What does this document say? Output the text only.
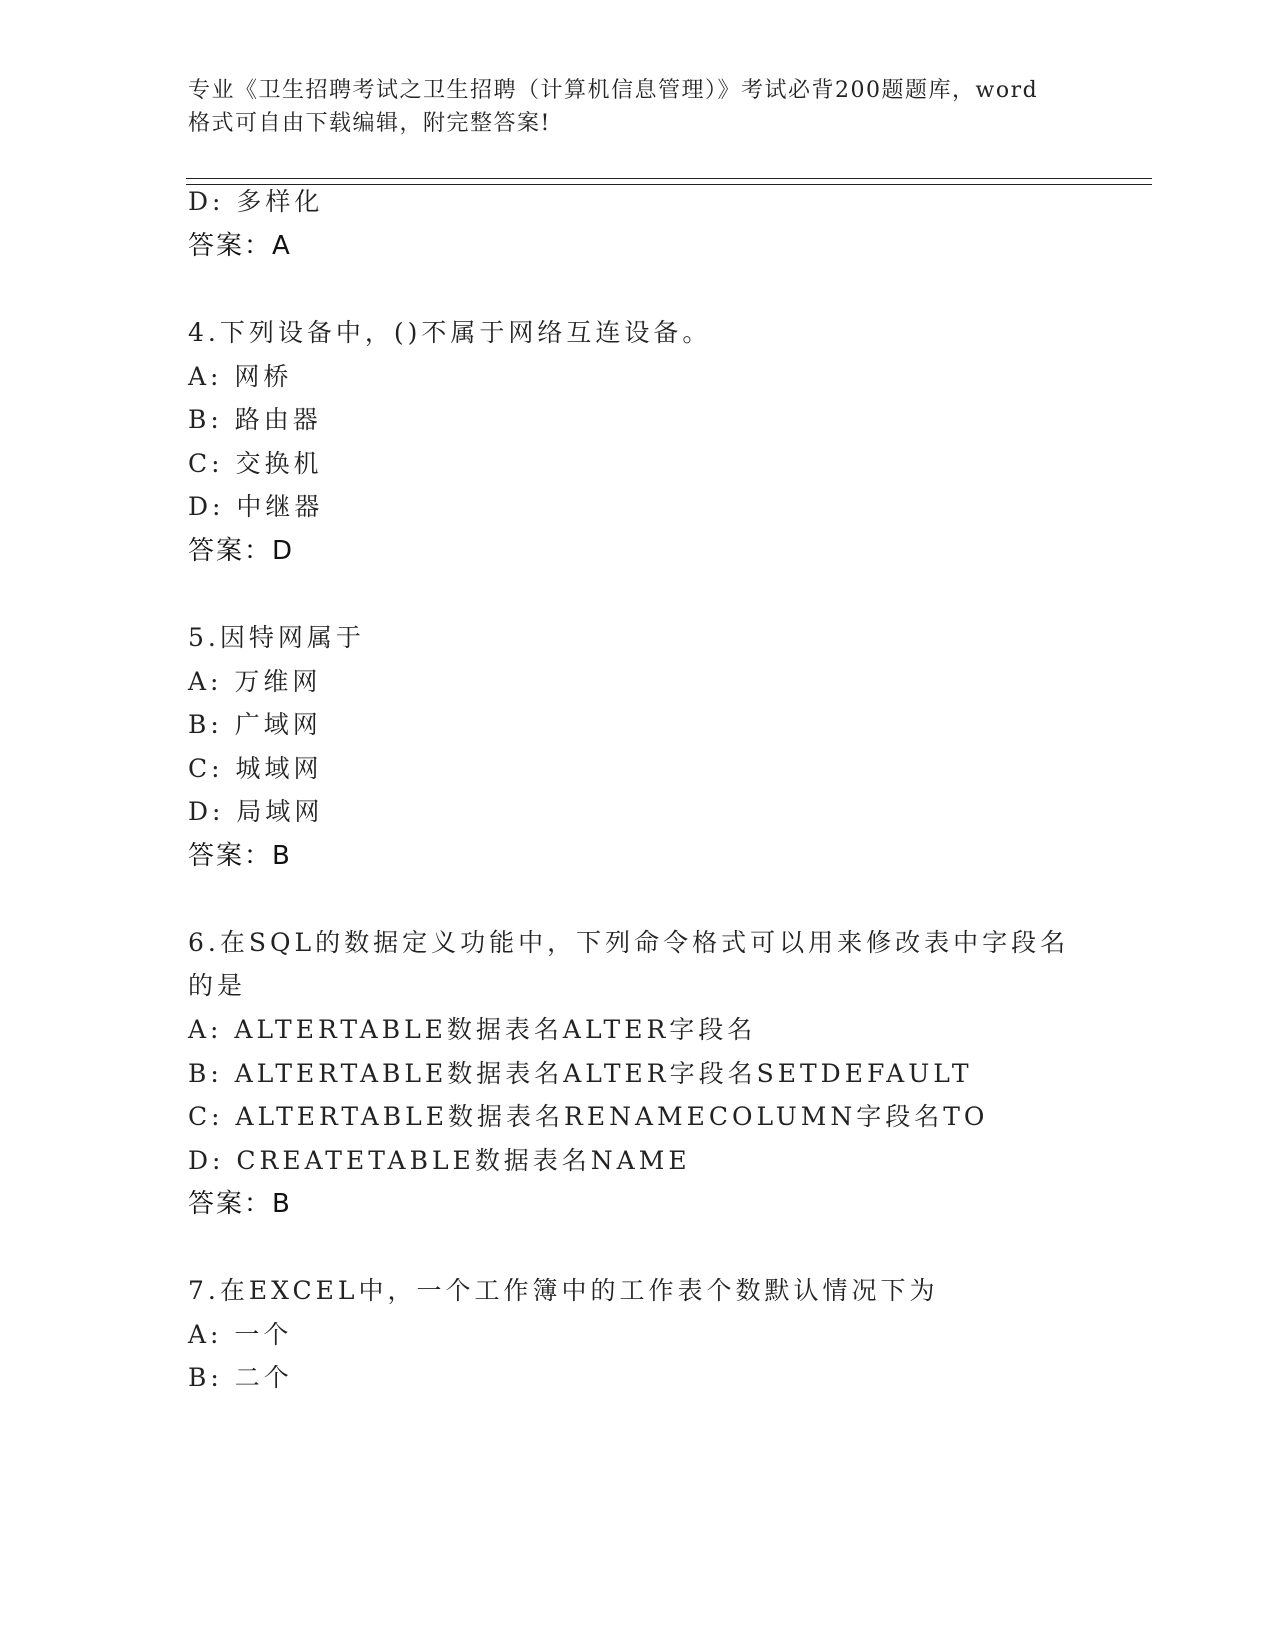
专业《卫生招聘考试之卫生招聘（计算机信息管理）》考试必背200题题库，word
格式可自由下载编辑，附完整答案!
D: 多样化
答案：A
4.下列设备中，()不属于网络互连设备。
A: 网桥
B: 路由器
C: 交换机
D: 中继器
答案：D
5.因特网属于
A: 万维网
B: 广域网
C: 城域网
D: 局域网
答案：B
6.在SQL的数据定义功能中，下列命令格式可以用来修改表中字段名
的是
A: ALTERTABLE数据表名ALTER字段名
B: ALTERTABLE数据表名ALTER字段名SETDEFAULT
C: ALTERTABLE数据表名RENAMECOLUMN字段名TO
D: CREATETABLE数据表名NAME
答案：B
7.在EXCEL中，一个工作簿中的工作表个数默认情况下为
A: 一个
B: 二个
